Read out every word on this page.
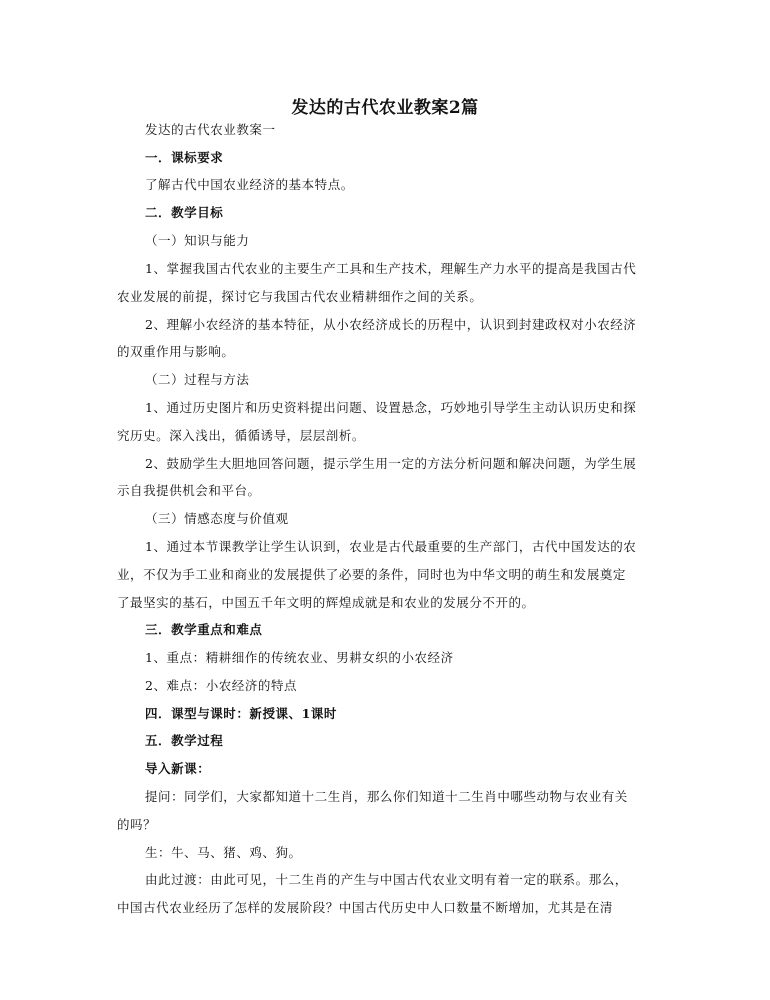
发达的古代农业教案2篇
发达的古代农业教案一
一．课标要求
了解古代中国农业经济的基本特点。
二．教学目标
（一）知识与能力
1、掌握我国古代农业的主要生产工具和生产技术，理解生产力水平的提高是我国古代
农业发展的前提，探讨它与我国古代农业精耕细作之间的关系。
2、理解小农经济的基本特征，从小农经济成长的历程中，认识到封建政权对小农经济
的双重作用与影响。
（二）过程与方法
1、通过历史图片和历史资料提出问题、设置悬念，巧妙地引导学生主动认识历史和探
究历史。深入浅出，循循诱导，层层剖析。
2、鼓励学生大胆地回答问题，提示学生用一定的方法分析问题和解决问题，为学生展
示自我提供机会和平台。
（三）情感态度与价值观
1、通过本节课教学让学生认识到，农业是古代最重要的生产部门，古代中国发达的农
业，不仅为手工业和商业的发展提供了必要的条件，同时也为中华文明的萌生和发展奠定
了最坚实的基石，中国五千年文明的辉煌成就是和农业的发展分不开的。
三．教学重点和难点
1、重点：精耕细作的传统农业、男耕女织的小农经济
2、难点：小农经济的特点
四．课型与课时：新授课、1课时
五．教学过程
导入新课：
提问：同学们，大家都知道十二生肖，那么你们知道十二生肖中哪些动物与农业有关
的吗？
生：牛、马、猪、鸡、狗。
由此过渡：由此可见，十二生肖的产生与中国古代农业文明有着一定的联系。那么，
中国古代农业经历了怎样的发展阶段？中国古代历史中人口数量不断增加，尤其是在清
